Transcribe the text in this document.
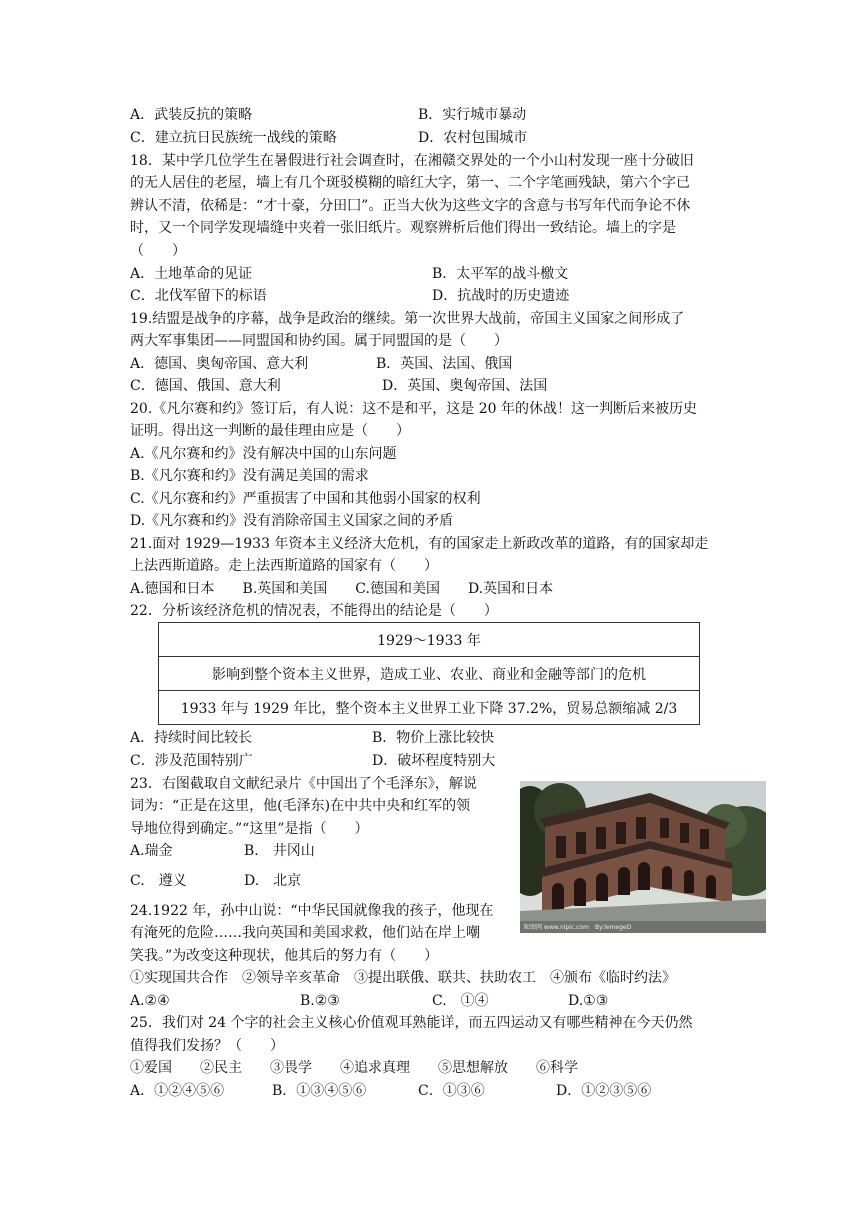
A．武装反抗的策略	B．实行城市暴动
C．建立抗日民族统一战线的策略	D．农村包围城市
18．某中学几位学生在暑假进行社会调查时，在湘赣交界处的一个小山村发现一座十分破旧
的无人居住的老屋，墙上有几个斑驳模糊的暗红大字，第一、二个字笔画残缺，第六个字已
辨认不清，依稀是：“才十豪，分田囗”。正当大伙为这些文字的含意与书写年代而争论不休
时，又一个同学发现墙缝中夹着一张旧纸片。观察辨析后他们得出一致结论。墙上的字是
（　　）
A．土地革命的见证	B．太平军的战斗檄文
C．北伐军留下的标语	D．抗战时的历史遗迹
19.结盟是战争的序幕，战争是政治的继续。第一次世界大战前，帝国主义国家之间形成了
两大军事集团——同盟国和协约国。属于同盟国的是（　　）
A．德国、奥匈帝国、意大利	B．英国、法国、俄国
C．德国、俄国、意大利	D．英国、奥匈帝国、法国
20.《凡尔赛和约》签订后，有人说：这不是和平，这是 20 年的休战！这一判断后来被历史
证明。得出这一判断的最佳理由应是（　　）
A.《凡尔赛和约》没有解决中国的山东问题
B.《凡尔赛和约》没有满足美国的需求
C.《凡尔赛和约》严重损害了中国和其他弱小国家的权利
D.《凡尔赛和约》没有消除帝国主义国家之间的矛盾
21.面对 1929—1933 年资本主义经济大危机，有的国家走上新政改革的道路，有的国家却走
上法西斯道路。走上法西斯道路的国家有（　　）
A.德国和日本　　B.英国和美国　　C.德国和美国　　D.英国和日本
22．分析该经济危机的情况表，不能得出的结论是（　　）
1929～1933 年
影响到整个资本主义世界，造成工业、农业、商业和金融等部门的危机
1933 年与 1929 年比，整个资本主义世界工业下降 37.2%，贸易总额缩减 2/3
A．持续时间比较长	B．物价上涨比较快
C．涉及范围特别广	D．破坏程度特别大
23．右图截取自文献纪录片《中国出了个毛泽东》，解说
词为：“正是在这里，他(毛泽东)在中共中央和红军的领
导地位得到确定。”“这里”是指（　　）
A.瑞金	B.　井冈山
C.　遵义	D.　北京
昵图网 www.nipic.com　By:lemegeD
24.1922 年，孙中山说：“中华民国就像我的孩子，他现在
有淹死的危险……我向英国和美国求救，他们站在岸上嘲
笑我。”为改变这种现状，他其后的努力有（　　）
①实现国共合作　②领导辛亥革命　③提出联俄、联共、扶助农工　④颁布《临时约法》
A.②④	B.②③	C.　①④	D.①③
25．我们对 24 个字的社会主义核心价值观耳熟能详，而五四运动又有哪些精神在今天仍然
值得我们发扬？（　　）
①爱国　　②民主　　③畏学　　④追求真理　　⑤思想解放　　⑥科学
A．①②④⑤⑥	B．①③④⑤⑥	C．①③⑥	D．①②③⑤⑥
